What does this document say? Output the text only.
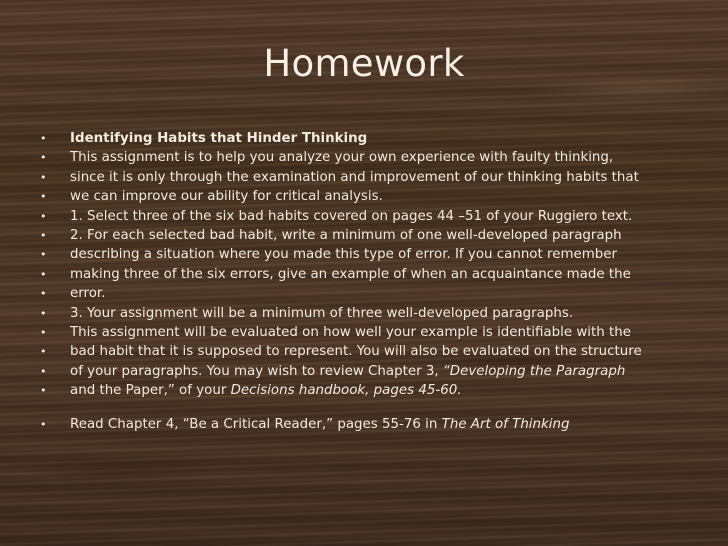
Homework
• Identifying Habits that Hinder Thinking
• This assignment is to help you analyze your own experience with faulty thinking,
• since it is only through the examination and improvement of our thinking habits that
• we can improve our ability for critical analysis.
• 1. Select three of the six bad habits covered on pages 44 –51 of your Ruggiero text.
• 2. For each selected bad habit, write a minimum of one well-developed paragraph
• describing a situation where you made this type of error. If you cannot remember
• making three of the six errors, give an example of when an acquaintance made the
• error.
• 3. Your assignment will be a minimum of three well-developed paragraphs.
• This assignment will be evaluated on how well your example is identifiable with the
• bad habit that it is supposed to represent. You will also be evaluated on the structure
• of your paragraphs. You may wish to review Chapter 3, “Developing the Paragraph
• and the Paper,” of your Decisions handbook, pages 45-60.
• Read Chapter 4, “Be a Critical Reader,” pages 55-76 in The Art of Thinking
